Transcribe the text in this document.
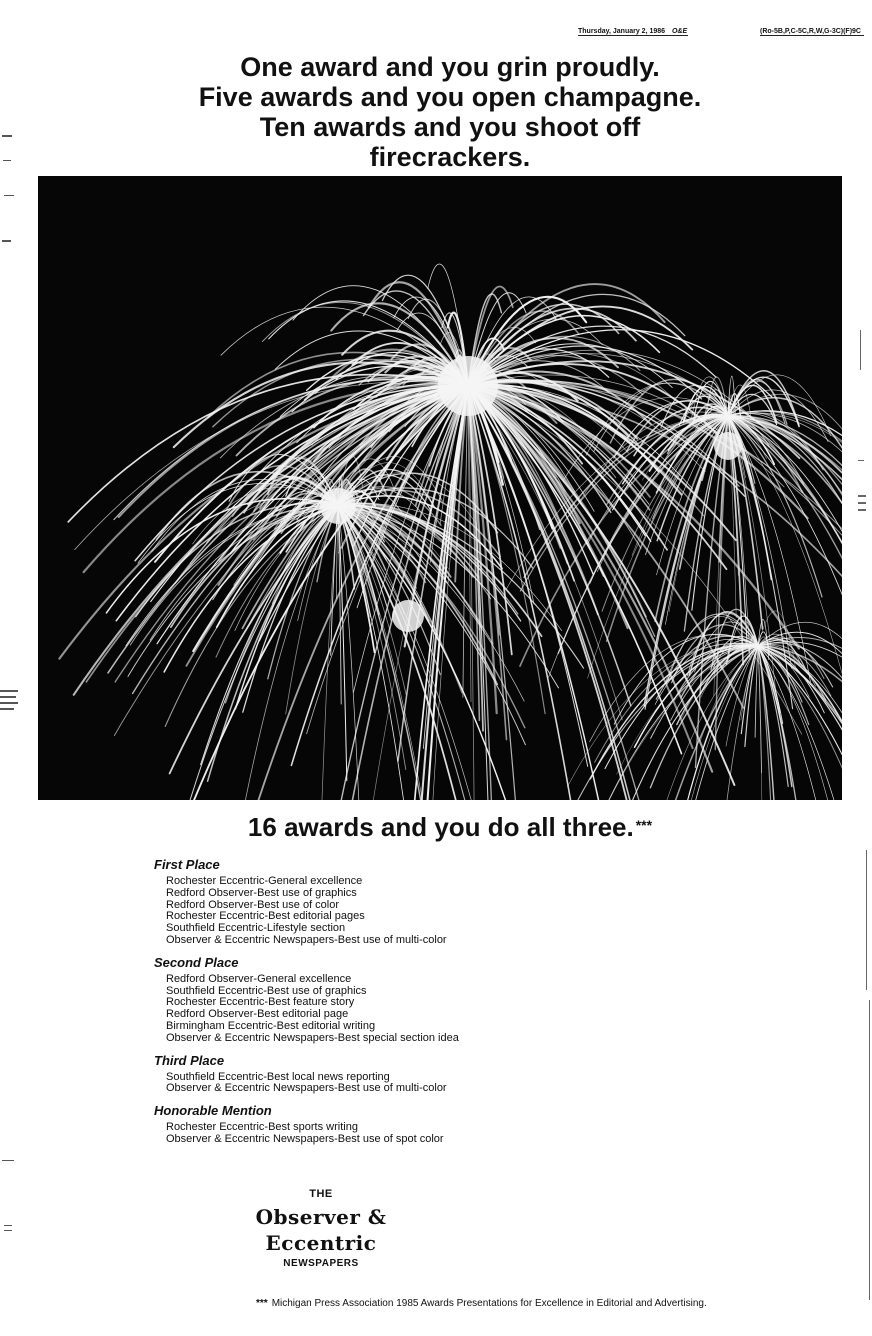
Thursday, January 2, 1986 O&E	(Ro-5B,P,C-5C,R,W,G-3C)(F)9C
One award and you grin proudly.
Five awards and you open champagne.
Ten awards and you shoot off
firecrackers.
16 awards and you do all three. ***
First Place
Rochester Eccentric-General excellence
Redford Observer-Best use of graphics
Redford Observer-Best use of color
Rochester Eccentric-Best editorial pages
Southfield Eccentric-Lifestyle section
Observer & Eccentric Newspapers-Best use of multi-color
Second Place
Redford Observer-General excellence
Southfield Eccentric-Best use of graphics
Rochester Eccentric-Best feature story
Redford Observer-Best editorial page
Birmingham Eccentric-Best editorial writing
Observer & Eccentric Newspapers-Best special section idea
Third Place
Southfield Eccentric-Best local news reporting
Observer & Eccentric Newspapers-Best use of multi-color
Honorable Mention
Rochester Eccentric-Best sports writing
Observer & Eccentric Newspapers-Best use of spot color
THE
Observer & Eccentric
NEWSPAPERS
*** Michigan Press Association 1985 Awards Presentations for Excellence in Editorial and Advertising.
